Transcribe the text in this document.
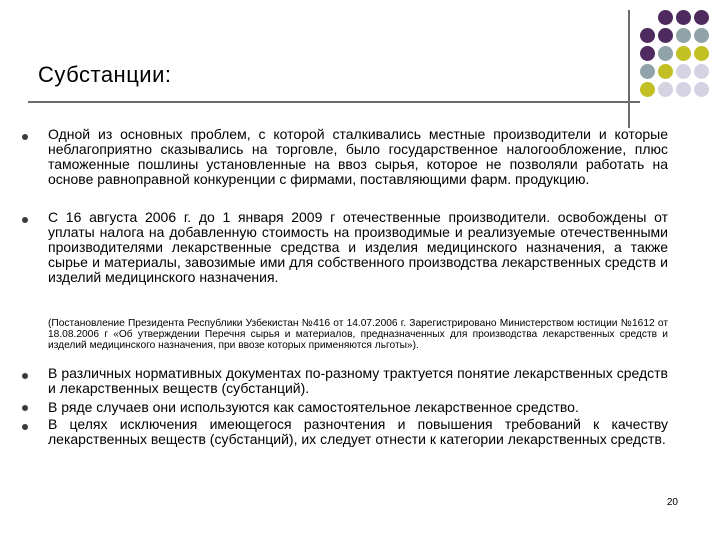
Субстанции:
Одной из основных проблем, с которой сталкивались местные производители и которые неблагоприятно сказывались на торговле, было государственное налогообложение, плюс таможенные пошлины установленные на ввоз сырья, которое не позволяли работать на основе равноправной конкуренции с фирмами, поставляющими фарм. продукцию.
С 16 августа 2006 г. до 1 января 2009 г отечественные производители. освобождены от уплаты налога на добавленную стоимость на производимые и реализуемые отечественными производителями лекарственные средства и изделия медицинского назначения, а также сырье и материалы, завозимые ими для собственного производства лекарственных средств и изделий медицинского назначения.
(Постановление Президента Республики Узбекистан №416 от 14.07.2006 г. Зарегистрировано Министерством юстиции №1612 от 18.08.2006 г «Об утверждении Перечня сырья и материалов, предназначенных для производства лекарственных средств и изделий медицинского назначения, при ввозе которых применяются льготы»).
В различных нормативных документах по-разному трактуется понятие лекарственных средств и лекарственных веществ (субстанций).
В ряде случаев они используются как самостоятельное лекарственное средство.
В целях исключения имеющегося разночтения и повышения требований к качеству лекарственных веществ (субстанций), их следует отнести к категории лекарственных средств.
20
